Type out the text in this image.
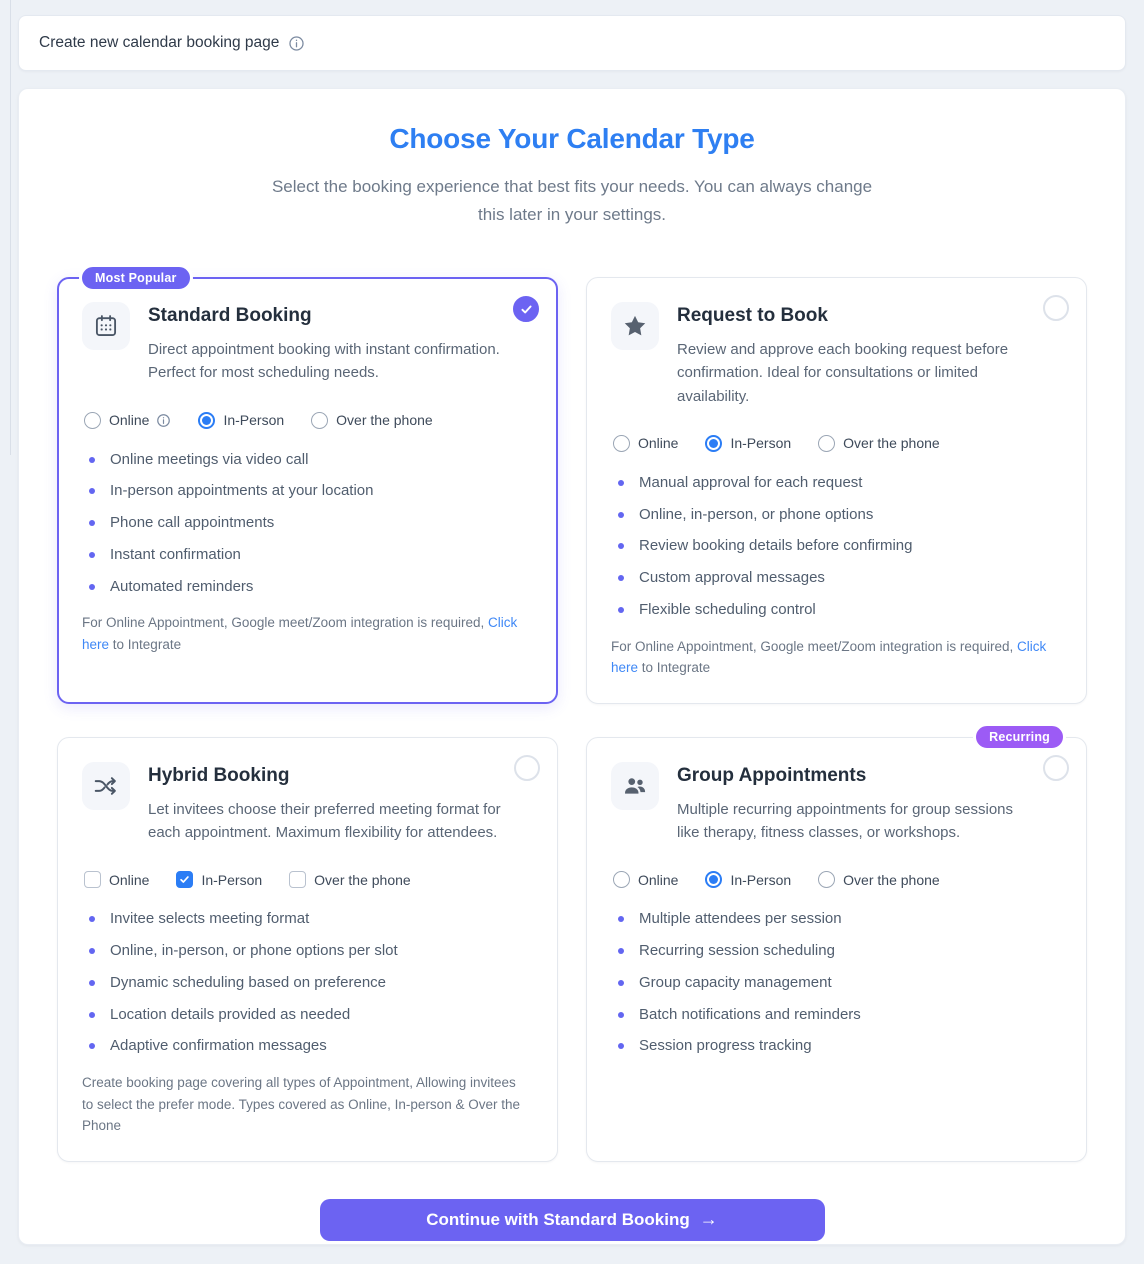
Create new calendar booking page
Choose Your Calendar Type

Select the booking experience that best fits your needs. You can always change this later in your settings.

Most Popular
Standard Booking

Direct appointment booking with instant confirmation. Perfect for most scheduling needs.

Online	In-Person	Over the phone
Online meetings via video call
In-person appointments at your location
Phone call appointments
Instant confirmation
Automated reminders

For Online Appointment, Google meet/Zoom integration is required, Click here to Integrate

Request to Book

Review and approve each booking request before confirmation. Ideal for consultations or limited availability.

Online	In-Person	Over the phone
Manual approval for each request
Online, in-person, or phone options
Review booking details before confirming
Custom approval messages
Flexible scheduling control

For Online Appointment, Google meet/Zoom integration is required, Click here to Integrate

Hybrid Booking

Let invitees choose their preferred meeting format for each appointment. Maximum flexibility for attendees.

Online	In-Person	Over the phone
Invitee selects meeting format
Online, in-person, or phone options per slot
Dynamic scheduling based on preference
Location details provided as needed
Adaptive confirmation messages

Create booking page covering all types of Appointment, Allowing invitees to select the prefer mode. Types covered as Online, In-person & Over the Phone

Recurring
Group Appointments

Multiple recurring appointments for group sessions like therapy, fitness classes, or workshops.

Online	In-Person	Over the phone
Multiple attendees per session
Recurring session scheduling
Group capacity management
Batch notifications and reminders
Session progress tracking
Continue with Standard Booking →
